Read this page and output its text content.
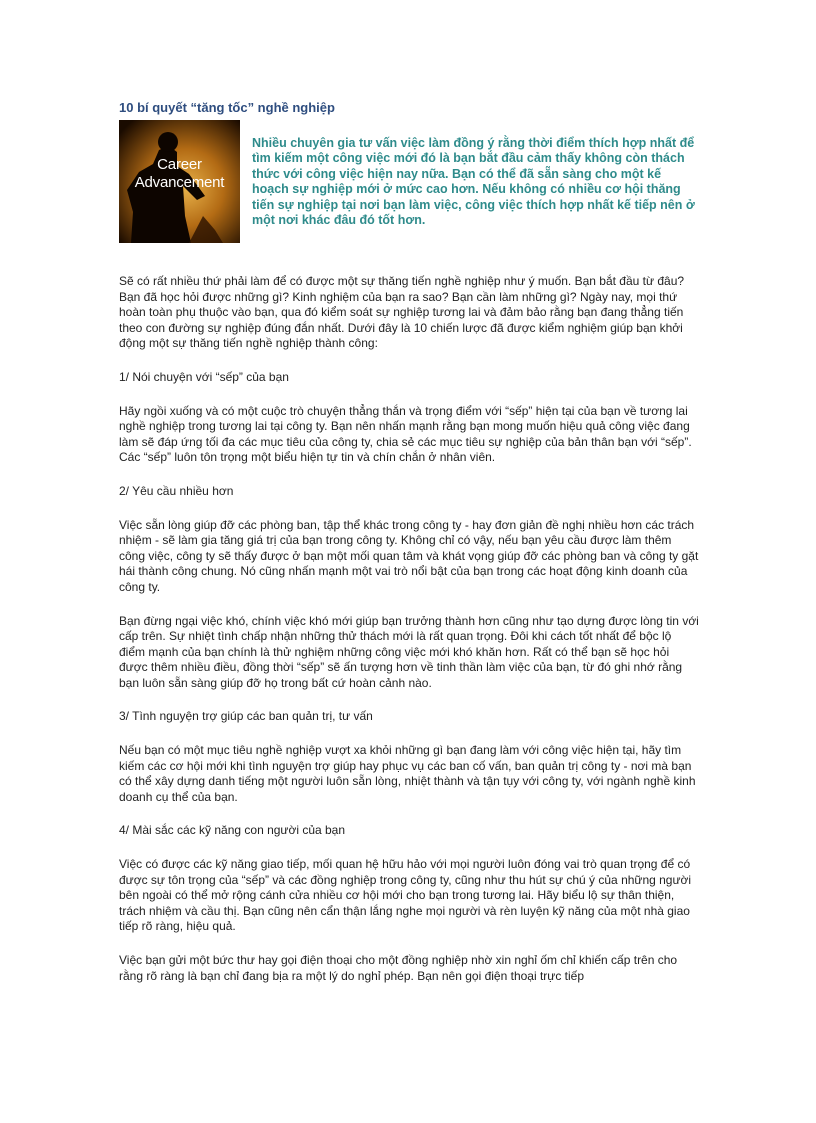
10 bí quyết “tăng tốc” nghề nghiệp
Career
Advancement
Nhiều chuyên gia tư vấn việc làm đồng ý rằng thời điểm thích hợp nhất để tìm kiếm một công việc mới đó là bạn bắt đầu cảm thấy không còn thách thức với công việc hiện nay nữa. Bạn có thể đã sẵn sàng cho một kế hoạch sự nghiệp mới ở mức cao hơn. Nếu không có nhiều cơ hội thăng tiến sự nghiệp tại nơi bạn làm việc, công việc thích hợp nhất kế tiếp nên ở một nơi khác đâu đó tốt hơn.

Sẽ có rất nhiều thứ phải làm để có được một sự thăng tiến nghề nghiệp như ý muốn. Bạn bắt đầu từ đâu? Bạn đã học hỏi được những gì? Kinh nghiệm của bạn ra sao? Bạn cần làm những gì? Ngày nay, mọi thứ hoàn toàn phụ thuộc vào bạn, qua đó kiểm soát sự nghiệp tương lai và đảm bảo rằng bạn đang thẳng tiến theo con đường sự nghiệp đúng đắn nhất. Dưới đây là 10 chiến lược đã được kiểm nghiệm giúp bạn khởi động một sự thăng tiến nghề nghiệp thành công:

1/ Nói chuyện với “sếp” của bạn

Hãy ngồi xuống và có một cuộc trò chuyện thẳng thắn và trọng điểm với “sếp” hiện tại của bạn về tương lai nghề nghiệp trong tương lai tại công ty. Bạn nên nhấn mạnh rằng bạn mong muốn hiệu quả công việc đang làm sẽ đáp ứng tối đa các mục tiêu của công ty, chia sẻ các mục tiêu sự nghiệp của bản thân bạn với “sếp”. Các “sếp” luôn tôn trọng một biểu hiện tự tin và chín chắn ở nhân viên.

2/ Yêu cầu nhiều hơn

Việc sẵn lòng giúp đỡ các phòng ban, tập thể khác trong công ty - hay đơn giản đề nghị nhiều hơn các trách nhiệm - sẽ làm gia tăng giá trị của bạn trong công ty. Không chỉ có vậy, nếu bạn yêu cầu được làm thêm công việc, công ty sẽ thấy được ở bạn một mối quan tâm và khát vọng giúp đỡ các phòng ban và công ty gặt hái thành công chung. Nó cũng nhấn mạnh một vai trò nổi bật của bạn trong các hoạt động kinh doanh của công ty.

Bạn đừng ngại việc khó, chính việc khó mới giúp bạn trưởng thành hơn cũng như tạo dựng được lòng tin với cấp trên. Sự nhiệt tình chấp nhận những thử thách mới là rất quan trọng. Đôi khi cách tốt nhất để bộc lộ điểm mạnh của bạn chính là thử nghiệm những công việc mới khó khăn hơn. Rất có thể bạn sẽ học hỏi được thêm nhiều điều, đồng thời “sếp” sẽ ấn tượng hơn về tinh thần làm việc của bạn, từ đó ghi nhớ rằng bạn luôn sẵn sàng giúp đỡ họ trong bất cứ hoàn cảnh nào.

3/ Tình nguyện trợ giúp các ban quản trị, tư vấn

Nếu bạn có một mục tiêu nghề nghiệp vượt xa khỏi những gì bạn đang làm với công việc hiện tại, hãy tìm kiếm các cơ hội mới khi tình nguyện trợ giúp hay phục vụ các ban cố vấn, ban quản trị công ty - nơi mà bạn có thể xây dựng danh tiếng một người luôn sẵn lòng, nhiệt thành và tận tụy với công ty, với ngành nghề kinh doanh cụ thể của bạn.

4/ Mài sắc các kỹ năng con người của bạn

Việc có được các kỹ năng giao tiếp, mối quan hệ hữu hảo với mọi người luôn đóng vai trò quan trọng để có được sự tôn trọng của “sếp” và các đồng nghiệp trong công ty, cũng như thu hút sự chú ý của những người bên ngoài có thể mở rộng cánh cửa nhiều cơ hội mới cho bạn trong tương lai. Hãy biểu lộ sự thân thiện, trách nhiệm và cầu thị. Bạn cũng nên cẩn thận lắng nghe mọi người và rèn luyện kỹ năng của một nhà giao tiếp rõ ràng, hiệu quả.

Việc bạn gửi một bức thư hay gọi điện thoại cho một đồng nghiệp nhờ xin nghỉ ốm chỉ khiến cấp trên cho rằng rõ ràng là bạn chỉ đang bịa ra một lý do nghỉ phép. Bạn nên gọi điện thoại trực tiếp
